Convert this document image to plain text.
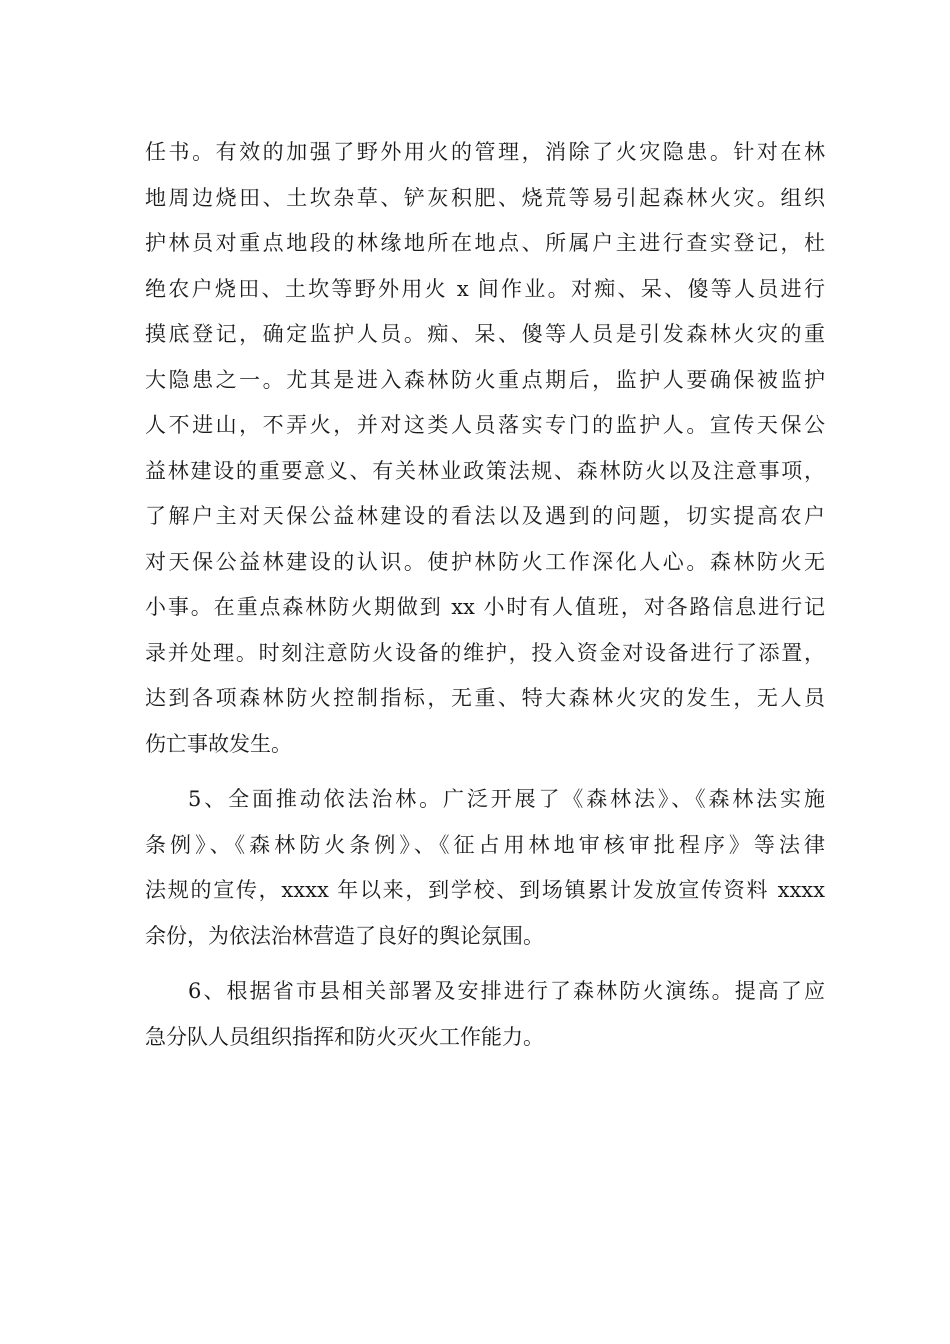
任书。有效的加强了野外用火的管理，消除了火灾隐患。针对在林
地周边烧田、土坎杂草、铲灰积肥、烧荒等易引起森林火灾。组织
护林员对重点地段的林缘地所在地点、所属户主进行查实登记，杜
绝农户烧田、土坎等野外用火 x 间作业。对痴、呆、傻等人员进行
摸底登记，确定监护人员。痴、呆、傻等人员是引发森林火灾的重
大隐患之一。尤其是进入森林防火重点期后，监护人要确保被监护
人不进山，不弄火，并对这类人员落实专门的监护人。宣传天保公
益林建设的重要意义、有关林业政策法规、森林防火以及注意事项，
了解户主对天保公益林建设的看法以及遇到的问题，切实提高农户
对天保公益林建设的认识。使护林防火工作深化人心。森林防火无
小事。在重点森林防火期做到 xx 小时有人值班，对各路信息进行记
录并处理。时刻注意防火设备的维护，投入资金对设备进行了添置，
达到各项森林防火控制指标，无重、特大森林火灾的发生，无人员
伤亡事故发生。
5、全面推动依法治林。广泛开展了《森林法》、《森林法实施
条例》、《森林防火条例》、《征占用林地审核审批程序》等法律
法规的宣传，xxxx 年以来，到学校、到场镇累计发放宣传资料 xxxx
余份，为依法治林营造了良好的舆论氛围。
6、根据省市县相关部署及安排进行了森林防火演练。提高了应
急分队人员组织指挥和防火灭火工作能力。
